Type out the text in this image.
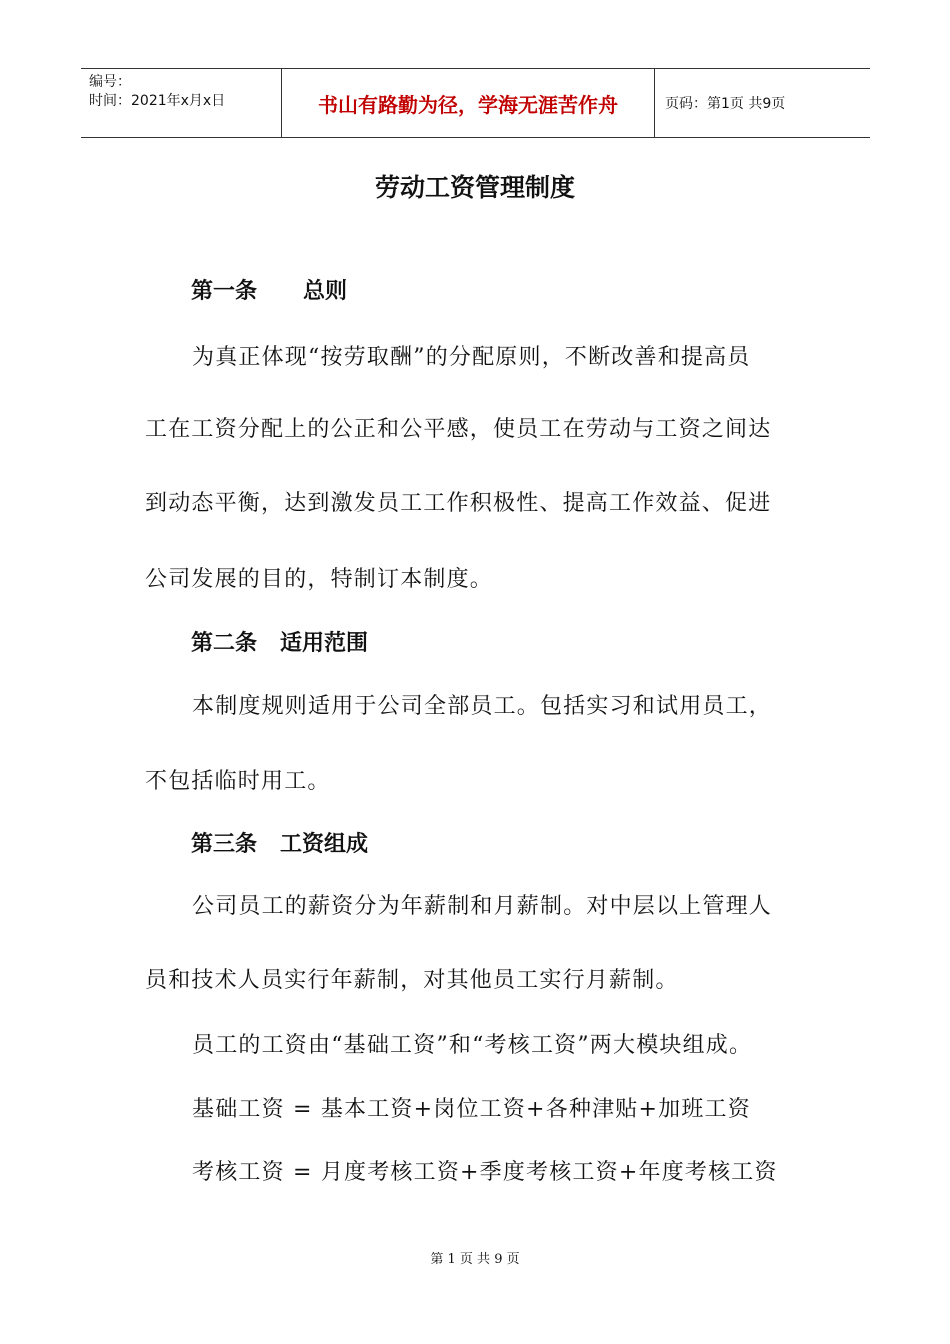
编号：
时间：2021年x月x日	书山有路勤为径，学海无涯苦作舟	页码：第1页 共9页
劳动工资管理制度
第一条      总则
为真正体现“按劳取酬”的分配原则，不断改善和提高员
工在工资分配上的公正和公平感，使员工在劳动与工资之间达
到动态平衡，达到激发员工工作积极性、提高工作效益、促进
公司发展的目的，特制订本制度。
第二条   适用范围
本制度规则适用于公司全部员工。包括实习和试用员工，
不包括临时用工。
第三条   工资组成
公司员工的薪资分为年薪制和月薪制。对中层以上管理人
员和技术人员实行年薪制，对其他员工实行月薪制。
员工的工资由“基础工资”和“考核工资”两大模块组成。
基础工资 = 基本工资+岗位工资+各种津贴+加班工资
考核工资 = 月度考核工资+季度考核工资+年度考核工资
第 1 页 共 9 页
